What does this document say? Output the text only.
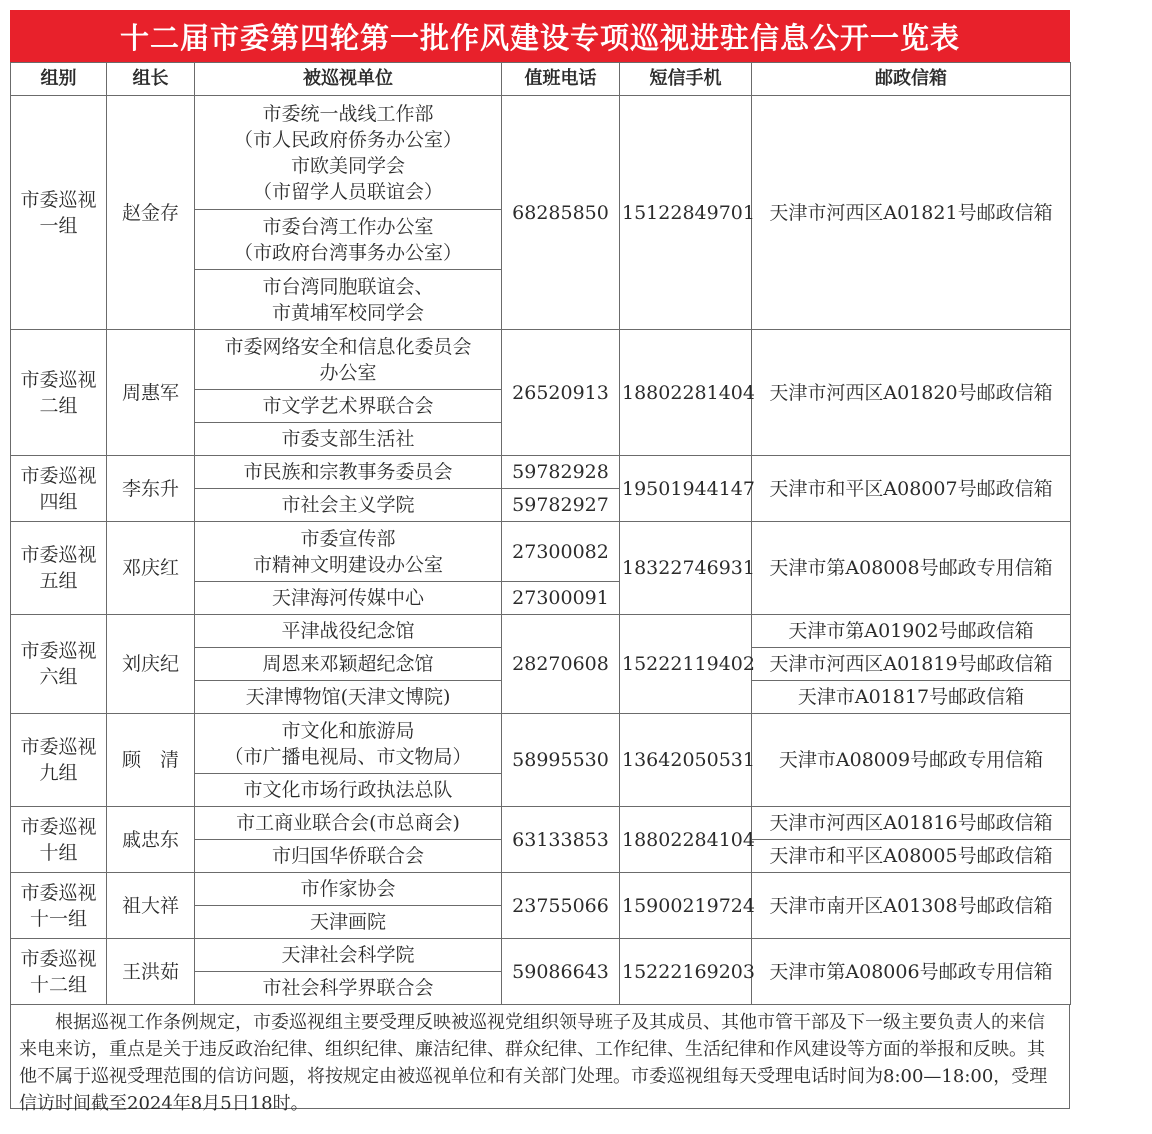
十二届市委第四轮第一批作风建设专项巡视进驻信息公开一览表
组别	组长	被巡视单位	值班电话	短信手机	邮政信箱

市委巡视
一组	赵金存	市委统一战线工作部
（市人民政府侨务办公室）
市欧美同学会
（市留学人员联谊会）	68285850	15122849701	天津市河西区A01821号邮政信箱

		市委台湾工作办公室
（市政府台湾事务办公室）			

		市台湾同胞联谊会、
市黄埔军校同学会			

市委巡视
二组	周惠军	市委网络安全和信息化委员会
办公室	26520913	18802281404	天津市河西区A01820号邮政信箱
		市文学艺术界联合会			
		市委支部生活社			

市委巡视
四组	李东升	市民族和宗教事务委员会	59782928	19501944147	天津市和平区A08007号邮政信箱
		市社会主义学院	59782927		

市委巡视
五组	邓庆红	市委宣传部
市精神文明建设办公室	27300082	18322746931	天津市第A08008号邮政专用信箱
		天津海河传媒中心	27300091		

市委巡视
六组	刘庆纪	平津战役纪念馆	28270608	15222119402	天津市第A01902号邮政信箱
		周恩来邓颖超纪念馆			天津市河西区A01819号邮政信箱
		天津博物馆(天津文博院)			天津市A01817号邮政信箱

市委巡视
九组	顾　清	市文化和旅游局
（市广播电视局、市文物局）	58995530	13642050531	天津市A08009号邮政专用信箱
		市文化市场行政执法总队			

市委巡视
十组	戚忠东	市工商业联合会(市总商会)	63133853	18802284104	天津市河西区A01816号邮政信箱
		市归国华侨联合会			天津市和平区A08005号邮政信箱

市委巡视
十一组	祖大祥	市作家协会	23755066	15900219724	天津市南开区A01308号邮政信箱
		天津画院			

市委巡视
十二组	王洪茹	天津社会科学院	59086643	15222169203	天津市第A08006号邮政专用信箱
		市社会科学界联合会			
根据巡视工作条例规定，市委巡视组主要受理反映被巡视党组织领导班子及其成员、其他市管干部及下一级主要负责人的来信来电来访，重点是关于违反政治纪律、组织纪律、廉洁纪律、群众纪律、工作纪律、生活纪律和作风建设等方面的举报和反映。其他不属于巡视受理范围的信访问题，将按规定由被巡视单位和有关部门处理。市委巡视组每天受理电话时间为8:00—18:00，受理信访时间截至2024年8月5日18时。
